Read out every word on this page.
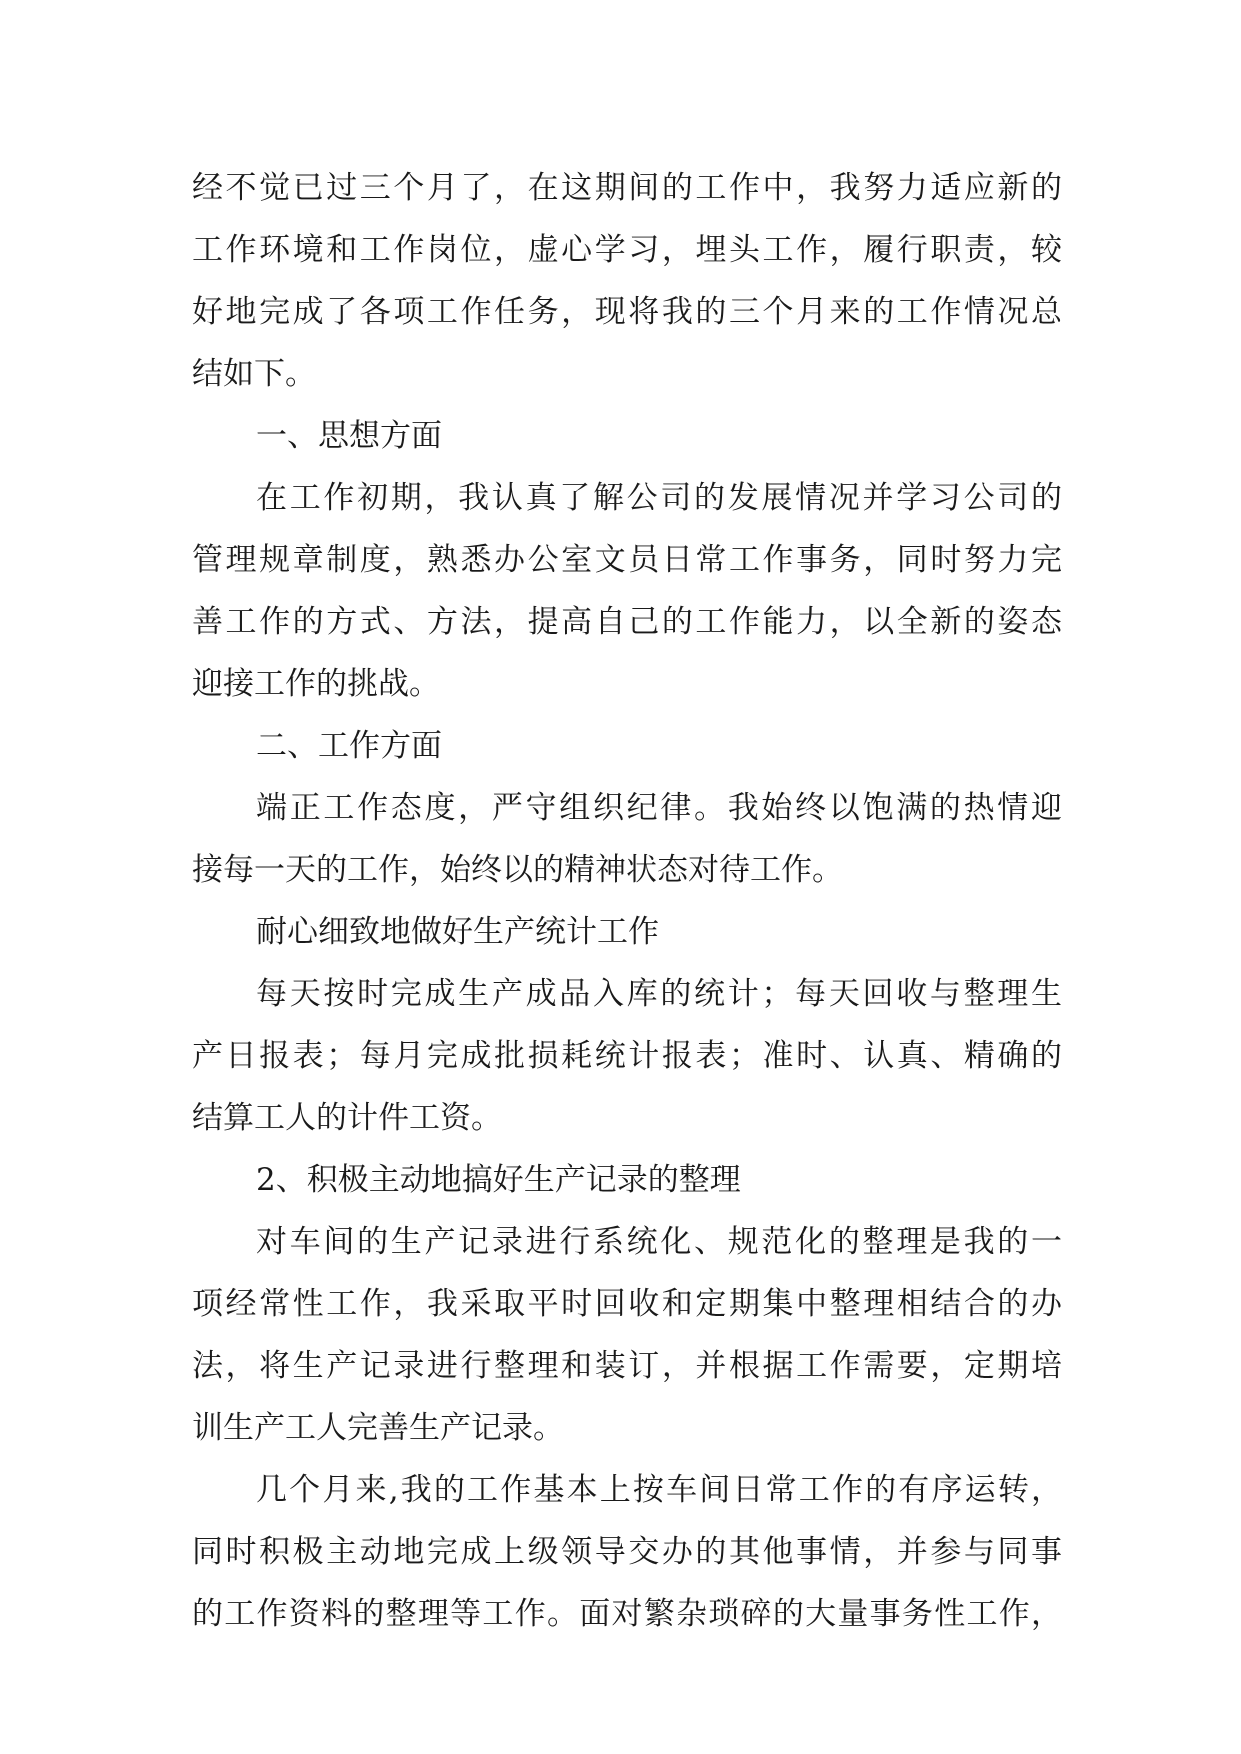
经不觉已过三个月了，在这期间的工作中，我努力适应新的
工作环境和工作岗位，虚心学习，埋头工作，履行职责，较
好地完成了各项工作任务，现将我的三个月来的工作情况总
结如下。
一、思想方面
在工作初期，我认真了解公司的发展情况并学习公司的
管理规章制度，熟悉办公室文员日常工作事务，同时努力完
善工作的方式、方法，提高自己的工作能力，以全新的姿态
迎接工作的挑战。
二、工作方面
端正工作态度，严守组织纪律。我始终以饱满的热情迎
接每一天的工作，始终以的精神状态对待工作。
耐心细致地做好生产统计工作
每天按时完成生产成品入库的统计；每天回收与整理生
产日报表；每月完成批损耗统计报表；准时、认真、精确的
结算工人的计件工资。
2、积极主动地搞好生产记录的整理
对车间的生产记录进行系统化、规范化的整理是我的一
项经常性工作，我采取平时回收和定期集中整理相结合的办
法，将生产记录进行整理和装订，并根据工作需要，定期培
训生产工人完善生产记录。
几个月来,我的工作基本上按车间日常工作的有序运转，
同时积极主动地完成上级领导交办的其他事情，并参与同事
的工作资料的整理等工作。面对繁杂琐碎的大量事务性工作，
